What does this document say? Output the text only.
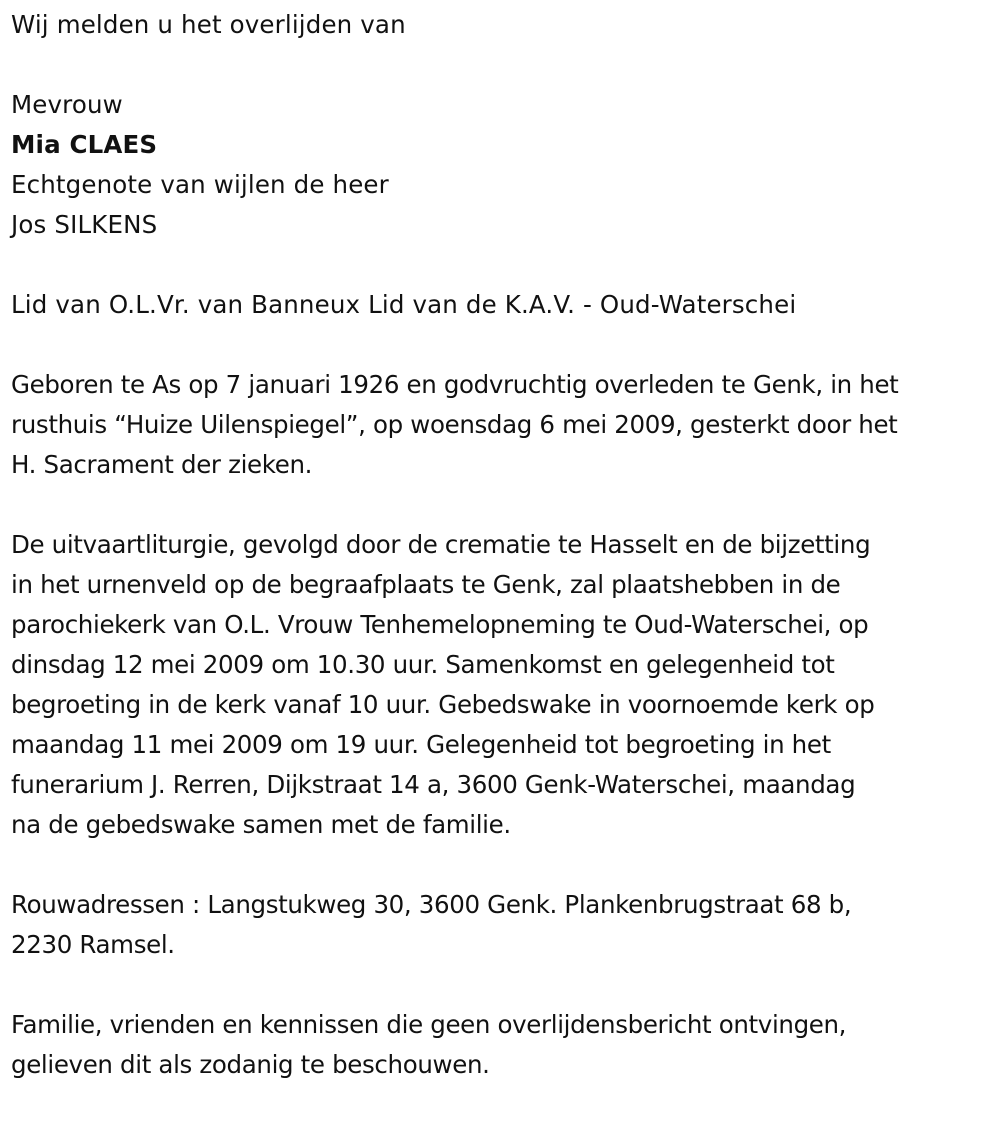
Wij melden u het overlijden van
Mevrouw
Mia CLAES
Echtgenote van wijlen de heer
Jos SILKENS
Lid van O.L.Vr. van Banneux Lid van de K.A.V. - Oud-Waterschei
Geboren te As op 7 januari 1926 en godvruchtig overleden te Genk, in het
rusthuis “Huize Uilenspiegel”, op woensdag 6 mei 2009, gesterkt door het
H. Sacrament der zieken.
De uitvaartliturgie, gevolgd door de crematie te Hasselt en de bijzetting
in het urnenveld op de begraafplaats te Genk, zal plaatshebben in de
parochiekerk van O.L. Vrouw Tenhemelopneming te Oud-Waterschei, op
dinsdag 12 mei 2009 om 10.30 uur. Samenkomst en gelegenheid tot
begroeting in de kerk vanaf 10 uur. Gebedswake in voornoemde kerk op
maandag 11 mei 2009 om 19 uur. Gelegenheid tot begroeting in het
funerarium J. Rerren, Dijkstraat 14 a, 3600 Genk-Waterschei, maandag
na de gebedswake samen met de familie.
Rouwadressen : Langstukweg 30, 3600 Genk. Plankenbrugstraat 68 b,
2230 Ramsel.
Familie, vrienden en kennissen die geen overlijdensbericht ontvingen,
gelieven dit als zodanig te beschouwen.
